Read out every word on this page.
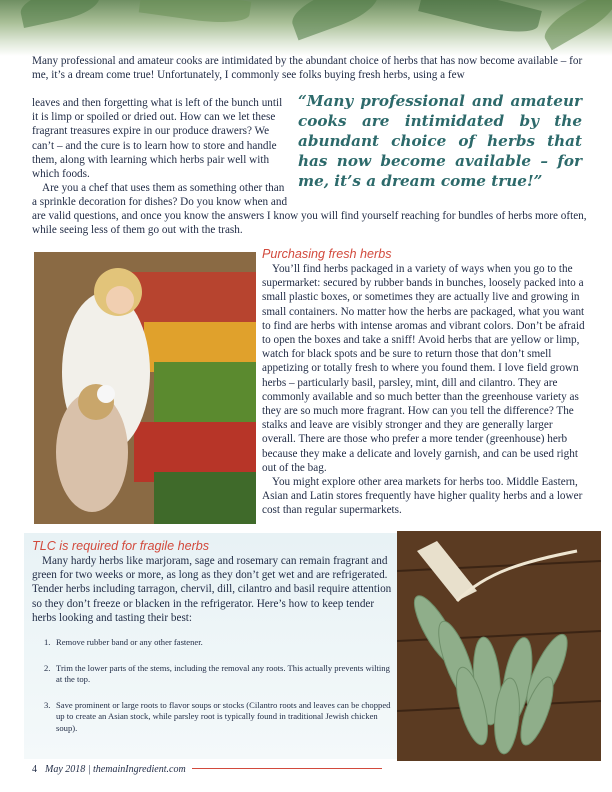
Many professional and amateur cooks are intimidated by the abundant choice of herbs that has now become available – for me, it’s a dream come true! Unfortunately, I commonly see folks buying fresh herbs, using a few
leaves and then forgetting what is left of the bunch until it is limp or spoiled or dried out. How can we let these fragrant treasures expire in our produce drawers? We can’t – and the cure is to learn how to store and handle them, along with learning which herbs pair well with which foods.
Are you a chef that uses them as something other than a sprinkle decoration for dishes? Do you know when and
“Many professional and amateur cooks are intimidated by the abundant choice of herbs that has now become available – for me, it’s a dream come true!”
are valid questions, and once you know the answers I know you will find yourself reaching for bundles of herbs more often, while seeing less of them go out with the trash.
Purchasing fresh herbs

You’ll find herbs packaged in a variety of ways when you go to the supermarket: secured by rubber bands in bunches, loosely packed into a small plastic boxes, or sometimes they are actually live and growing in small containers. No matter how the herbs are packaged, what you want to find are herbs with intense aromas and vibrant colors. Don’t be afraid to open the boxes and take a sniff! Avoid herbs that are yellow or limp, watch for black spots and be sure to return those that don’t smell appetizing or totally fresh to where you found them. I love field grown herbs – particularly basil, parsley, mint, dill and cilantro. They are commonly available and so much better than the greenhouse variety as they are so much more fragrant. How can you tell the difference? The stalks and leave are visibly stronger and they are generally larger overall. There are those who prefer a more tender (greenhouse) herb because they make a delicate and lovely garnish, and can be used right out of the bag.

You might explore other area markets for herbs too. Middle Eastern, Asian and Latin stores frequently have higher quality herbs and a lower cost than regular supermarkets.

TLC is required for fragile herbs

Many hardy herbs like marjoram, sage and rosemary can remain fragrant and green for two weeks or more, as long as they don’t get wet and are refrigerated. Tender herbs including tarragon, chervil, dill, cilantro and basil require attention so they don’t freeze or blacken in the refrigerator. Here’s how to keep tender herbs looking and tasting their best:

1. Remove rubber band or any other fastener.
2. Trim the lower parts of the stems, including the removal any roots. This actually prevents wilting at the top.
3. Save prominent or large roots to flavor soups or stocks (Cilantro roots and leaves can be chopped up to create an Asian stock, while parsley root is typically found in traditional Jewish chicken soup).
4 May 2018 | themainIngredient.com
